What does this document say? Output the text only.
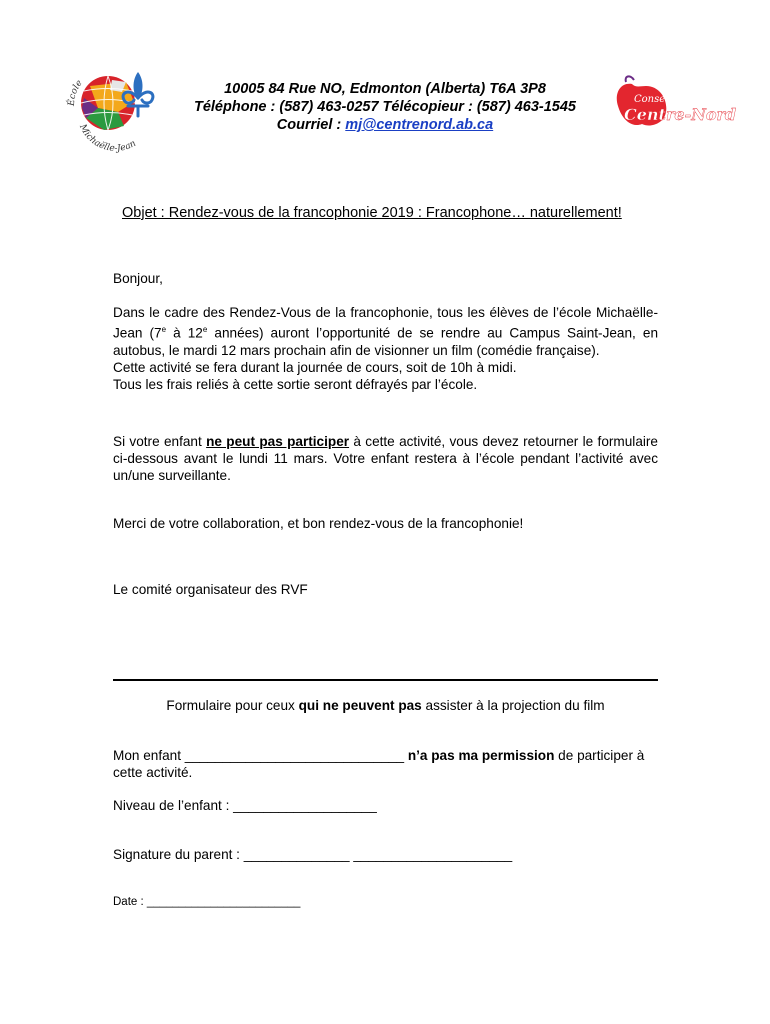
École
Michaëlle-Jean
10005 84 Rue NO, Edmonton (Alberta) T6A 3P8
Téléphone : (587) 463-0257 Télécopieur : (587) 463-1545
Courriel : mj@centrenord.ab.ca
Conseil scolaire
Centre-Nord
Objet : Rendez-vous de la francophonie 2019 : Francophone… naturellement!
Bonjour,
Dans le cadre des Rendez-Vous de la francophonie, tous les élèves de l’école Michaëlle-Jean (7e à 12e années) auront l’opportunité de se rendre au Campus Saint-Jean, en autobus, le mardi 12 mars prochain afin de visionner un film (comédie française).
Cette activité se fera durant la journée de cours, soit de 10h à midi.
Tous les frais reliés à cette sortie seront défrayés par l’école.
Si votre enfant ne peut pas participer à cette activité, vous devez retourner le formulaire ci-dessous avant le lundi 11 mars. Votre enfant restera à l’école pendant l’activité avec un/une surveillante.
Merci de votre collaboration, et bon rendez-vous de la francophonie!
Le comité organisateur des RVF
Formulaire pour ceux qui ne peuvent pas assister à la projection du film
Mon enfant _____________________________ n’a pas ma permission de participer à cette activité.
Niveau de l’enfant : ___________________
Signature du parent : ______________ _____________________
Date : ________________________
